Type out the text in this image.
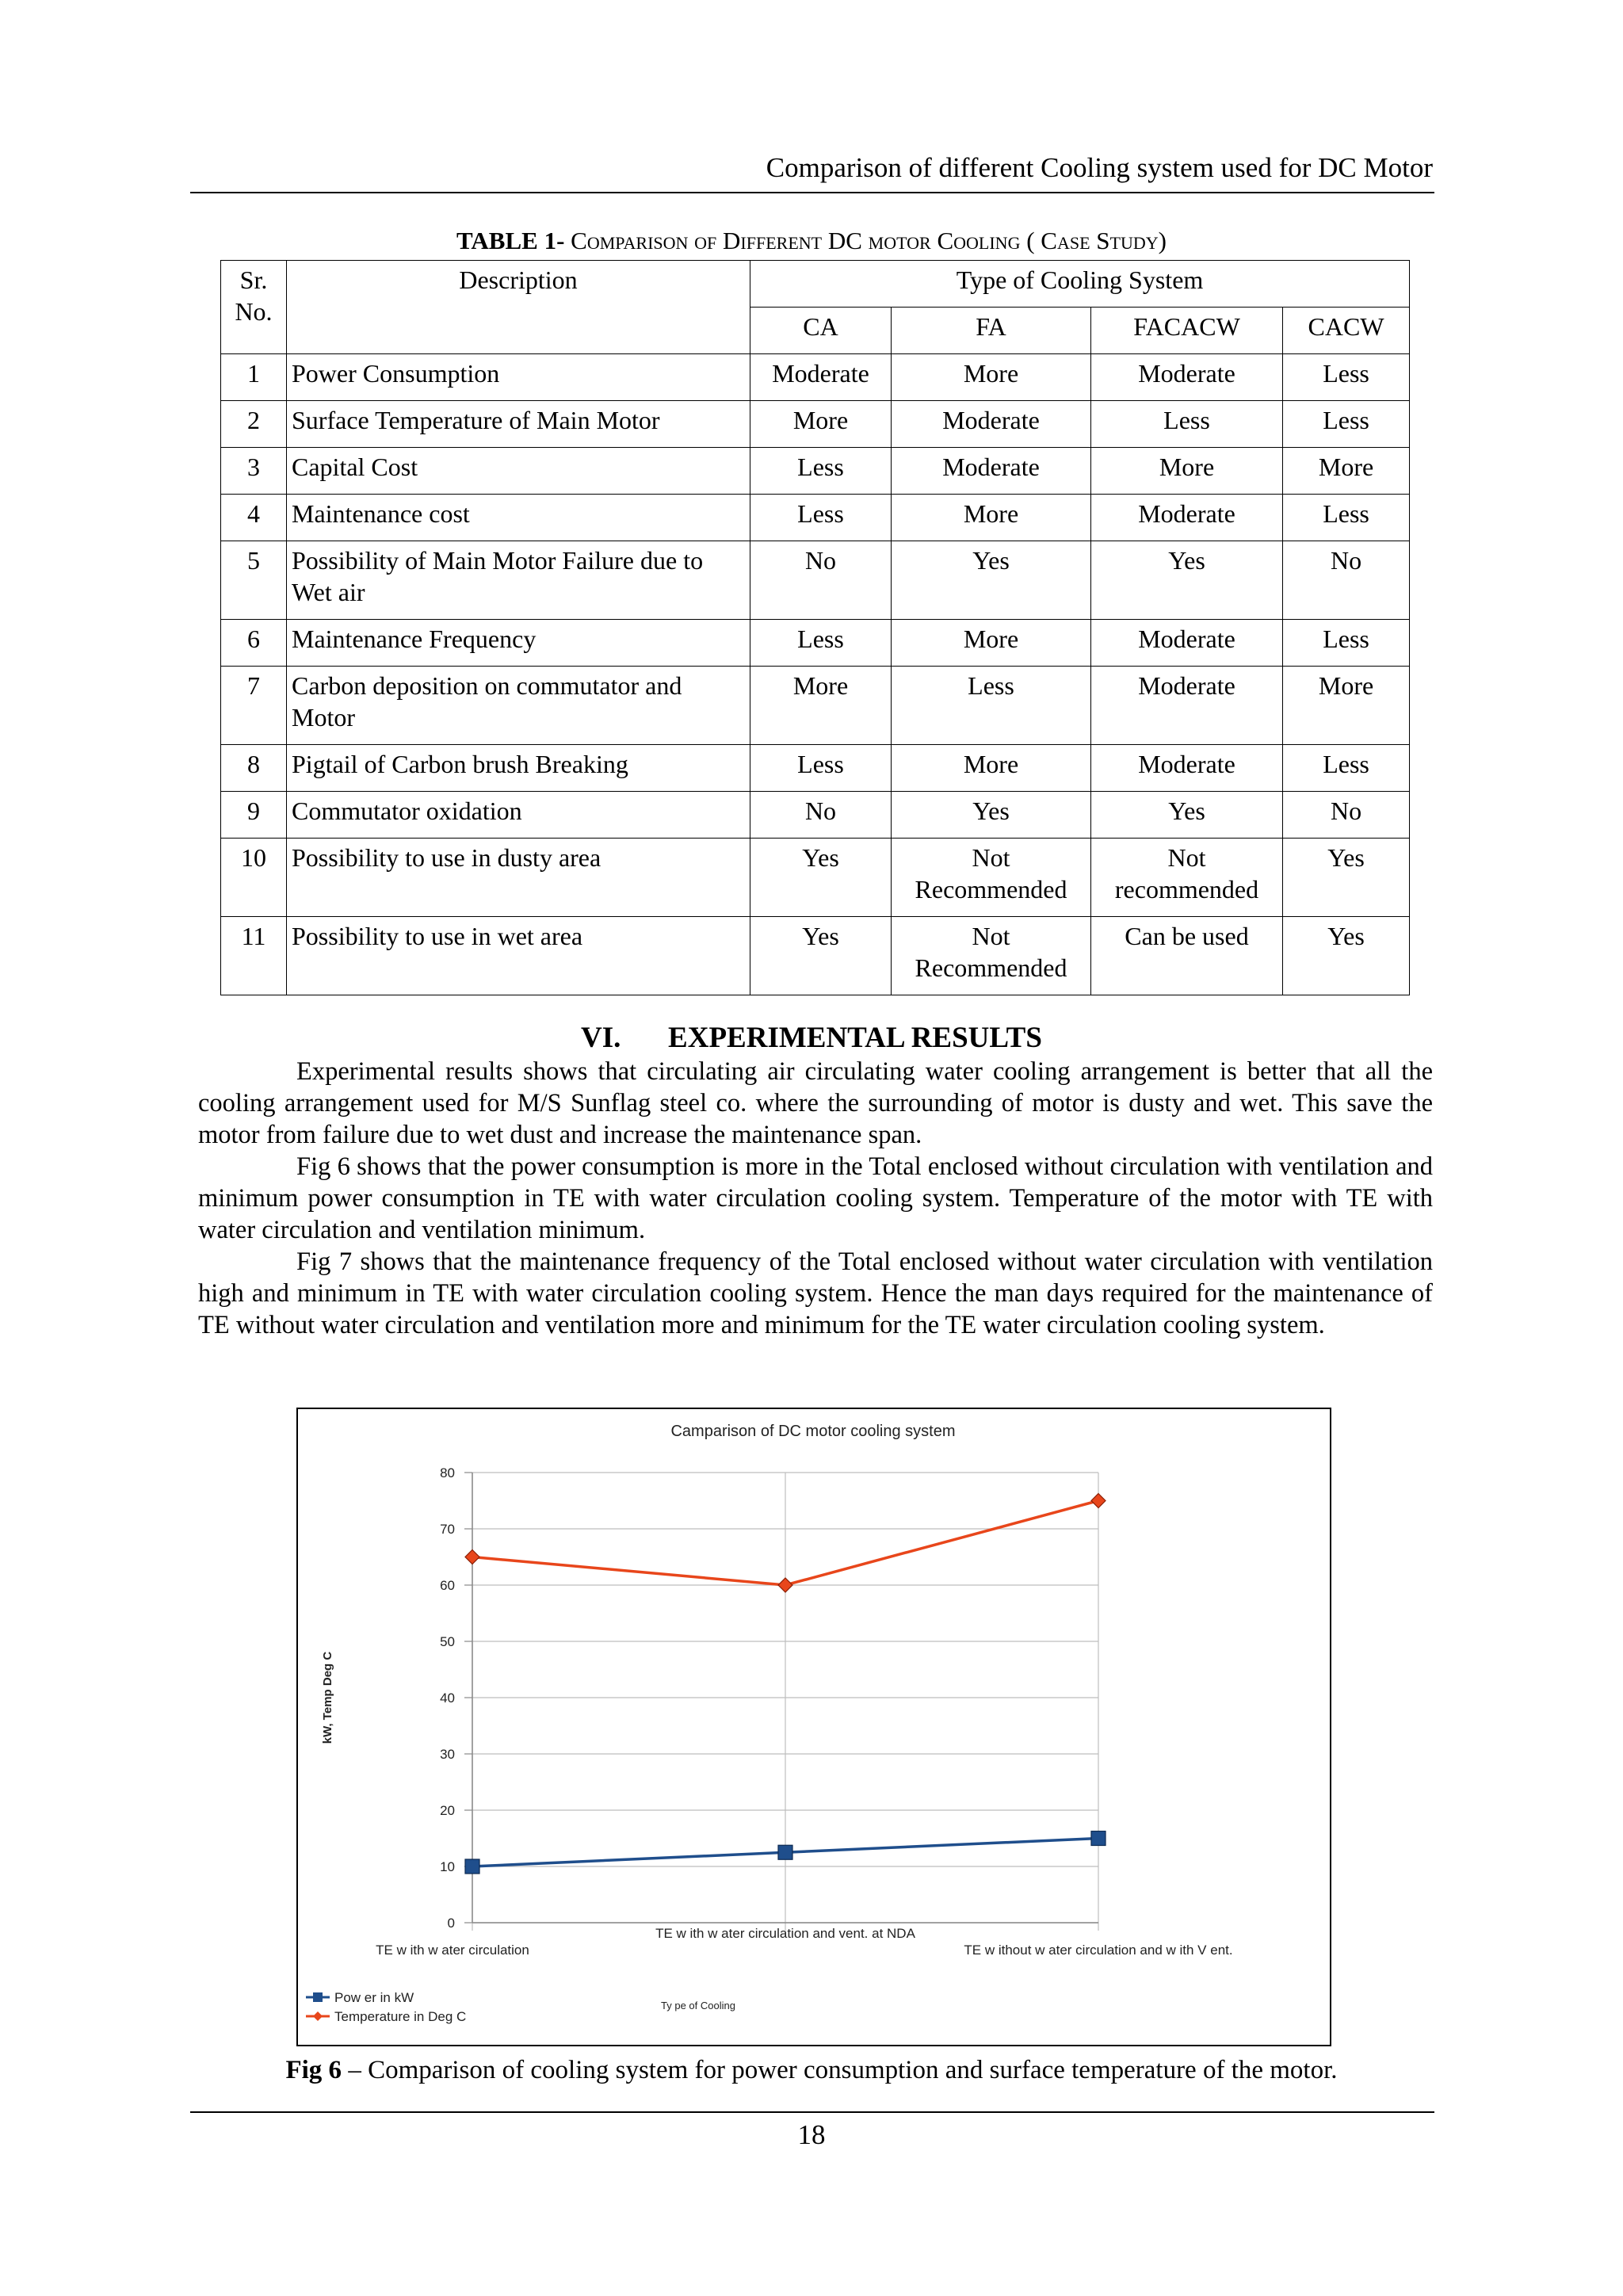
Comparison of different Cooling system used for DC Motor
TABLE 1- Comparison of Different DC motor Cooling ( Case Study)
Sr. No.	Description	Type of Cooling System			
		CA	FA	FACACW	CACW
1	Power Consumption	Moderate	More	Moderate	Less
2	Surface Temperature of Main Motor	More	Moderate	Less	Less
3	Capital Cost	Less	Moderate	More	More
4	Maintenance cost	Less	More	Moderate	Less
5	Possibility of Main Motor Failure due to Wet air	No	Yes	Yes	No
6	Maintenance Frequency	Less	More	Moderate	Less
7	Carbon deposition on commutator and Motor	More	Less	Moderate	More
8	Pigtail of Carbon brush Breaking	Less	More	Moderate	Less
9	Commutator oxidation	No	Yes	Yes	No
10	Possibility to use in dusty area	Yes	Not Recommended	Not recommended	Yes
11	Possibility to use in wet area	Yes	Not Recommended	Can be used	Yes
VI. EXPERIMENTAL RESULTS

Experimental results shows that circulating air circulating water cooling arrangement is better that all the cooling arrangement used for M/S Sunflag steel co. where the surrounding of motor is dusty and wet. This save the motor from failure due to wet dust and increase the maintenance span.

Fig 6 shows that the power consumption is more in the Total enclosed without circulation with ventilation and minimum power consumption in TE with water circulation cooling system. Temperature of the motor with TE with water circulation and ventilation minimum.

Fig 7 shows that the maintenance frequency of the Total enclosed without water circulation with ventilation high and minimum in TE with water circulation cooling system. Hence the man days required for the maintenance of TE without water circulation and ventilation more and minimum for the TE water circulation cooling system.

Camparison of DC motor cooling system
0
10
20
30
40
50
60
70
80
kW, Temp Deg C
TE w ith w ater circulation
TE w ith w ater circulation and vent. at NDA
TE w ithout w ater circulation and w ith V ent.
Ty pe of Cooling
Pow er in kW
Temperature in Deg C
Fig 6 – Comparison of cooling system for power consumption and surface temperature of the motor.
18
